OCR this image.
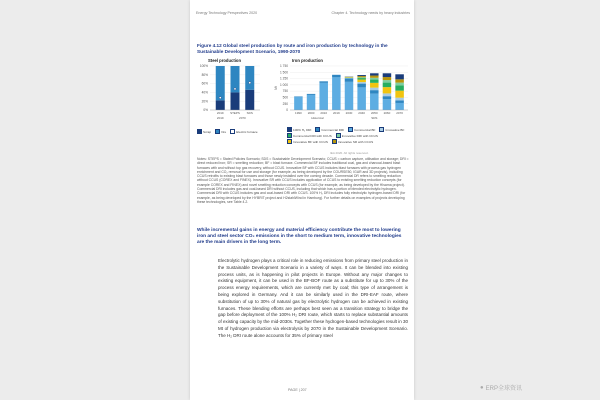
Energy Technology Perspectives 2020	Chapter 4. Technology needs by heavy industries
Figure 4.12 Global steel production by route and iron production by technology in the Sustainable Development Scenario, 1990-2070
Steel production	Iron production
0%
20%
40%
60%
80%
100%
2019 STEPS SDS
2019	2070
0
250
500
750
1 000
1 250
1 500
1 750
Mt
1990 2000 2010 2019 2030 2040 2050 2060 2070
Historical	SDS
Scrap	Ore	Electric furnace	100% H₂ DRI	Commercial DRI	Commercial BF	Innovative BF
Commercial DRI with CCUS	Innovative DRI with CCUS
Innovative BF with CCUS	Innovative SR with CCUS
IEA 2020. All rights reserved.
Notes: STEPS = Stated Policies Scenario; SDS = Sustainable Development Scenario; CCUS = carbon capture, utilisation and storage; DRI = direct reduced iron; SR = smelting reduction; BF = blast furnace. Commercial BF includes traditional coal, gas and charcoal-based blast furnaces with and without top gas recovery, without CCUS. Innovative BF with CCUS includes blast furnaces with process gas hydrogen enrichment and CO₂ removal for use and storage (for example, as being developed by the COURSE50, IGAR and 3D projects), including CCUS retrofits to existing blast furnaces and those newly installed over the coming decade. Commercial DR refers to smelting reduction without CCUS (COREX and FINEX). Innovative SR with CCUS includes application of CCUS to existing smelting reduction concepts (for example COREX and FINEX) and novel smelting reduction concepts with CCUS (for example, as being developed by the HIsarna project). Commercial DRI includes gas and coal-based DRI without CCUS, including that which has a portion of blended electrolytic hydrogen. Commercial DRI with CCUS includes gas and coal-based DRI with CCUS. 100% H₂ DRI includes fully electrolytic hydrogen-based DRI (for example, as being developed by the HYBRIT project and H2stahlWind in Hamburg). For further details on examples of projects developing these technologies, see Table 4.2.
While incremental gains in energy and material efficiency contribute the most to lowering iron and steel sector CO₂ emissions in the short to medium term, innovative technologies are the main drivers in the long term.
Electrolytic hydrogen plays a critical role in reducing emissions from primary steel production in the Sustainable Development Scenario in a variety of ways. It can be blended into existing process units, as is happening in pilot projects in Europe. Without any major changes to existing equipment, it can be used in the BF-BOF route as a substitute for up to 30% of the process energy requirements, which are currently met by coal; this type of arrangement is being explored in Germany. And it can be similarly used in the DRI-EAF route, where substitution of up to 30% of natural gas by electrolytic hydrogen can be achieved in existing furnaces. These blending efforts are perhaps best seen as a transition strategy to bridge the gap before deployment of the 100% H₂ DRI route, which starts to replace substantial amounts of existing capacity by the mid-2030s. Together these hydrogen-based technologies result in 30 Mt of hydrogen production via electrolysis by 2070 in the Sustainable Development Scenario. The H₂ DRI route alone accounts for 35% of primary steel
PAGE | 207	● ERP全球资讯
